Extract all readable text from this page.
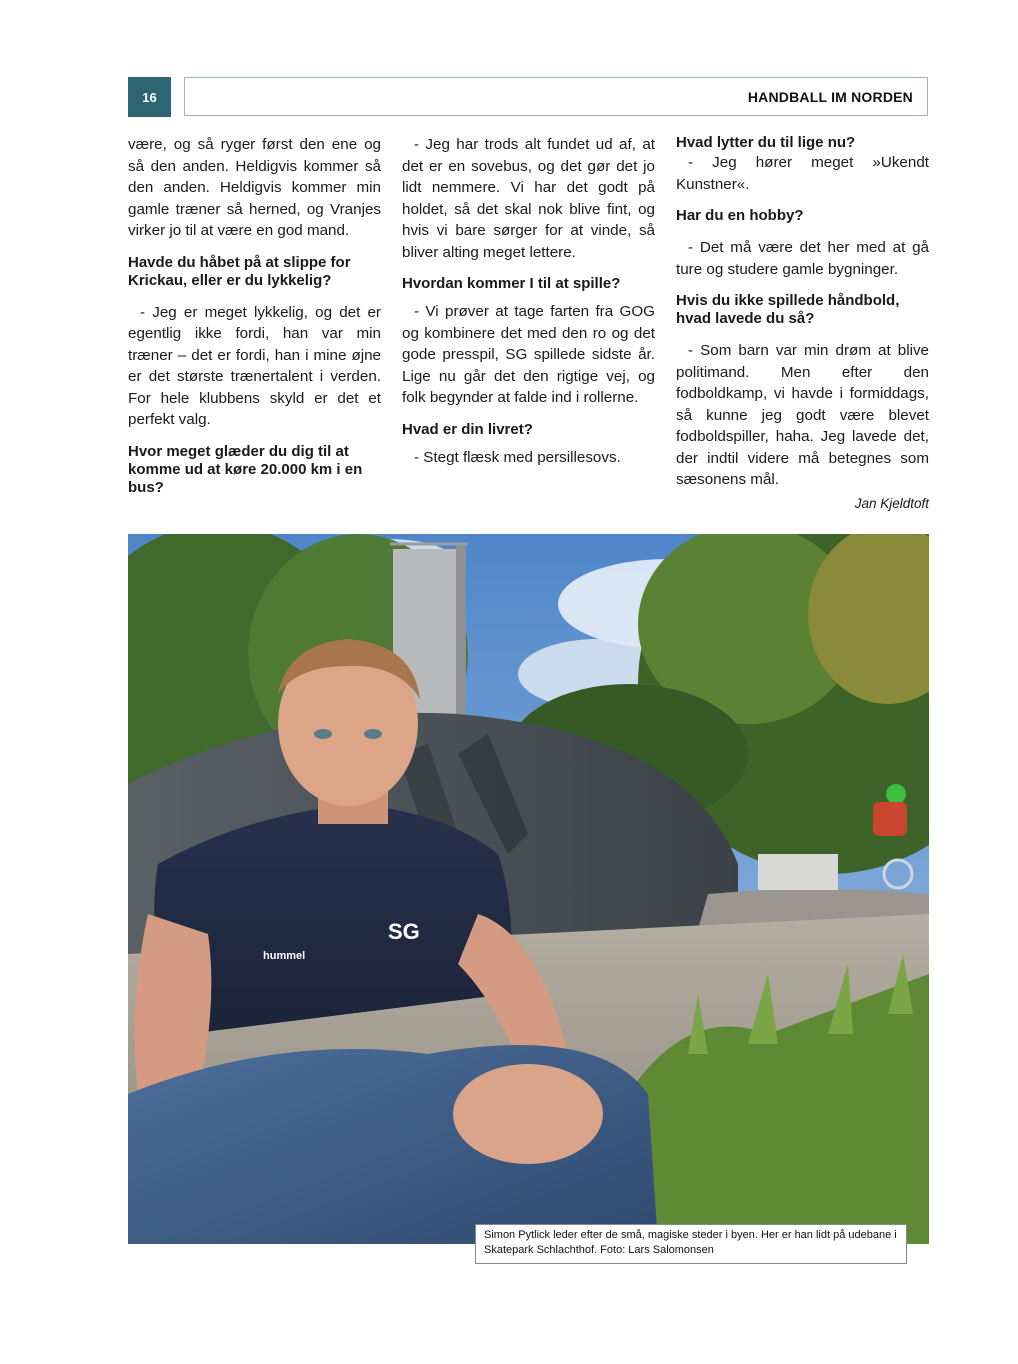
16	HANDBALL IM NORDEN

være, og så ryger først den ene og så den anden. Heldigvis kommer så den anden. Heldigvis kommer min gamle træner så herned, og Vranjes virker jo til at være en god mand.

Havde du håbet på at slippe for Krickau, eller er du lykkelig?

- Jeg er meget lykkelig, og det er egentlig ikke fordi, han var min træner – det er fordi, han i mine øjne er det største trænertalent i verden. For hele klubbens skyld er det et perfekt valg.

Hvor meget glæder du dig til at komme ud at køre 20.000 km i en bus?

- Jeg har trods alt fundet ud af, at det er en sovebus, og det gør det jo lidt nemmere. Vi har det godt på holdet, så det skal nok blive fint, og hvis vi bare sørger for at vinde, så bliver alting meget lettere.

Hvordan kommer I til at spille?

- Vi prøver at tage farten fra GOG og kombinere det med den ro og det gode presspil, SG spillede sidste år. Lige nu går det den rigtige vej, og folk begynder at falde ind i rollerne.

Hvad er din livret?

- Stegt flæsk med persillesovs.

Hvad lytter du til lige nu?

- Jeg hører meget »Ukendt Kunstner«.

Har du en hobby?

- Det må være det her med at gå ture og studere gamle bygninger.

Hvis du ikke spillede håndbold, hvad lavede du så?

- Som barn var min drøm at blive politimand. Men efter den fodboldkamp, vi havde i formiddags, så kunne jeg godt være blevet fodboldspiller, haha. Jeg lavede det, der indtil videre må betegnes som sæsonens mål.

Jan Kjeldtoft

SG
hummel
Simon Pytlick leder efter de små, magiske steder i byen. Her er han lidt på udebane i Skatepark Schlachthof. Foto: Lars Salomonsen
